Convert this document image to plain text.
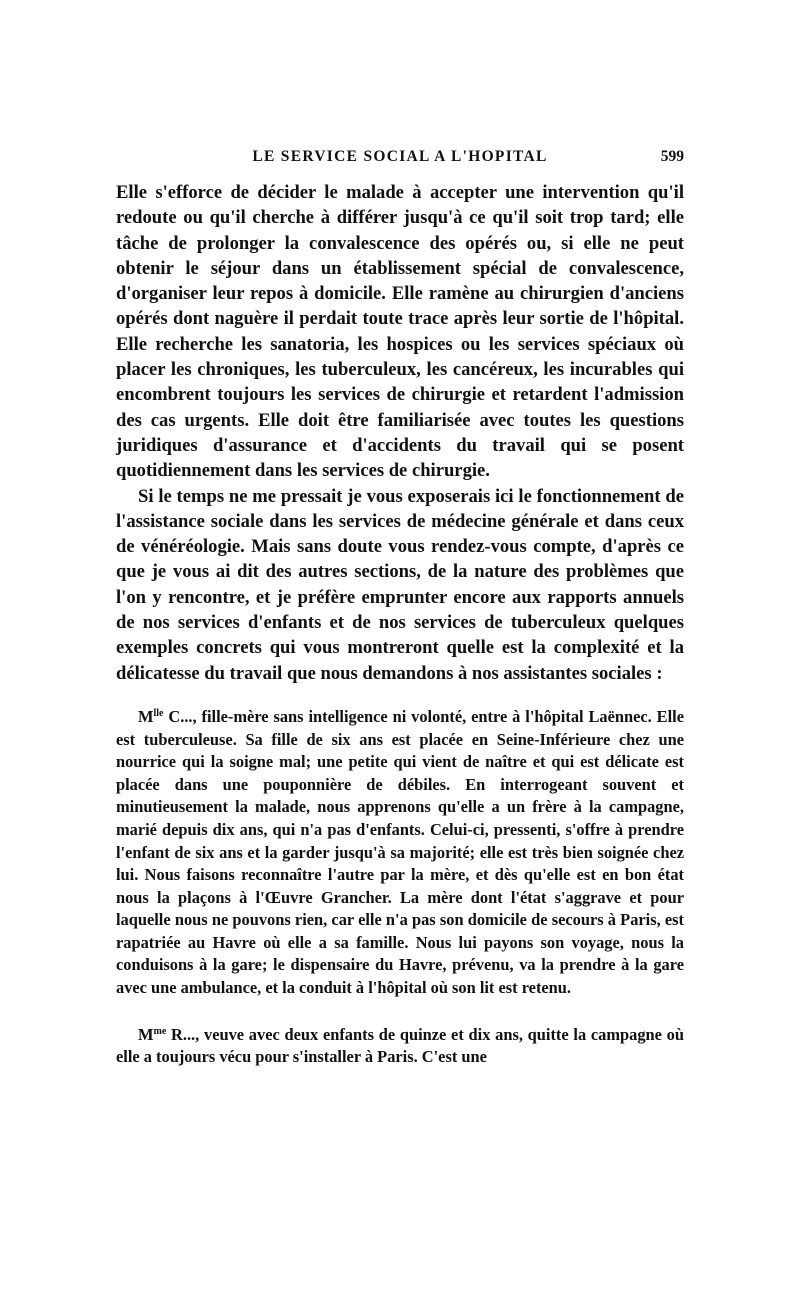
LE SERVICE SOCIAL A L'HOPITAL	599

Elle s'efforce de décider le malade à accepter une intervention qu'il redoute ou qu'il cherche à différer jusqu'à ce qu'il soit trop tard; elle tâche de prolonger la convalescence des opérés ou, si elle ne peut obtenir le séjour dans un établissement spécial de convalescence, d'organiser leur repos à domicile. Elle ramène au chirurgien d'anciens opérés dont naguère il perdait toute trace après leur sortie de l'hôpital. Elle recherche les sanatoria, les hospices ou les services spéciaux où placer les chroniques, les tuberculeux, les cancéreux, les incurables qui encombrent toujours les services de chirurgie et retardent l'admission des cas urgents. Elle doit être familiarisée avec toutes les questions juridiques d'assurance et d'accidents du travail qui se posent quotidiennement dans les services de chirurgie.

Si le temps ne me pressait je vous exposerais ici le fonctionnement de l'assistance sociale dans les services de médecine générale et dans ceux de vénéréologie. Mais sans doute vous rendez-vous compte, d'après ce que je vous ai dit des autres sections, de la nature des problèmes que l'on y rencontre, et je préfère emprunter encore aux rapports annuels de nos services d'enfants et de nos services de tuberculeux quelques exemples concrets qui vous montreront quelle est la complexité et la délicatesse du travail que nous demandons à nos assistantes sociales :

$M^{lle}$ C..., fille-mère sans intelligence ni volonté, entre à l'hôpital Laënnec. Elle est tuberculeuse. Sa fille de six ans est placée en Seine-Inférieure chez une nourrice qui la soigne mal; une petite qui vient de naître et qui est délicate est placée dans une pouponnière de débiles. En interrogeant souvent et minutieusement la malade, nous apprenons qu'elle a un frère à la campagne, marié depuis dix ans, qui n'a pas d'enfants. Celui-ci, pressenti, s'offre à prendre l'enfant de six ans et la garder jusqu'à sa majorité; elle est très bien soignée chez lui. Nous faisons reconnaître l'autre par la mère, et dès qu'elle est en bon état nous la plaçons à l'Œuvre Grancher. La mère dont l'état s'aggrave et pour laquelle nous ne pouvons rien, car elle n'a pas son domicile de secours à Paris, est rapatriée au Havre où elle a sa famille. Nous lui payons son voyage, nous la conduisons à la gare; le dispensaire du Havre, prévenu, va la prendre à la gare avec une ambulance, et la conduit à l'hôpital où son lit est retenu.

$M^{me}$ R..., veuve avec deux enfants de quinze et dix ans, quitte la campagne où elle a toujours vécu pour s'installer à Paris. C'est une
